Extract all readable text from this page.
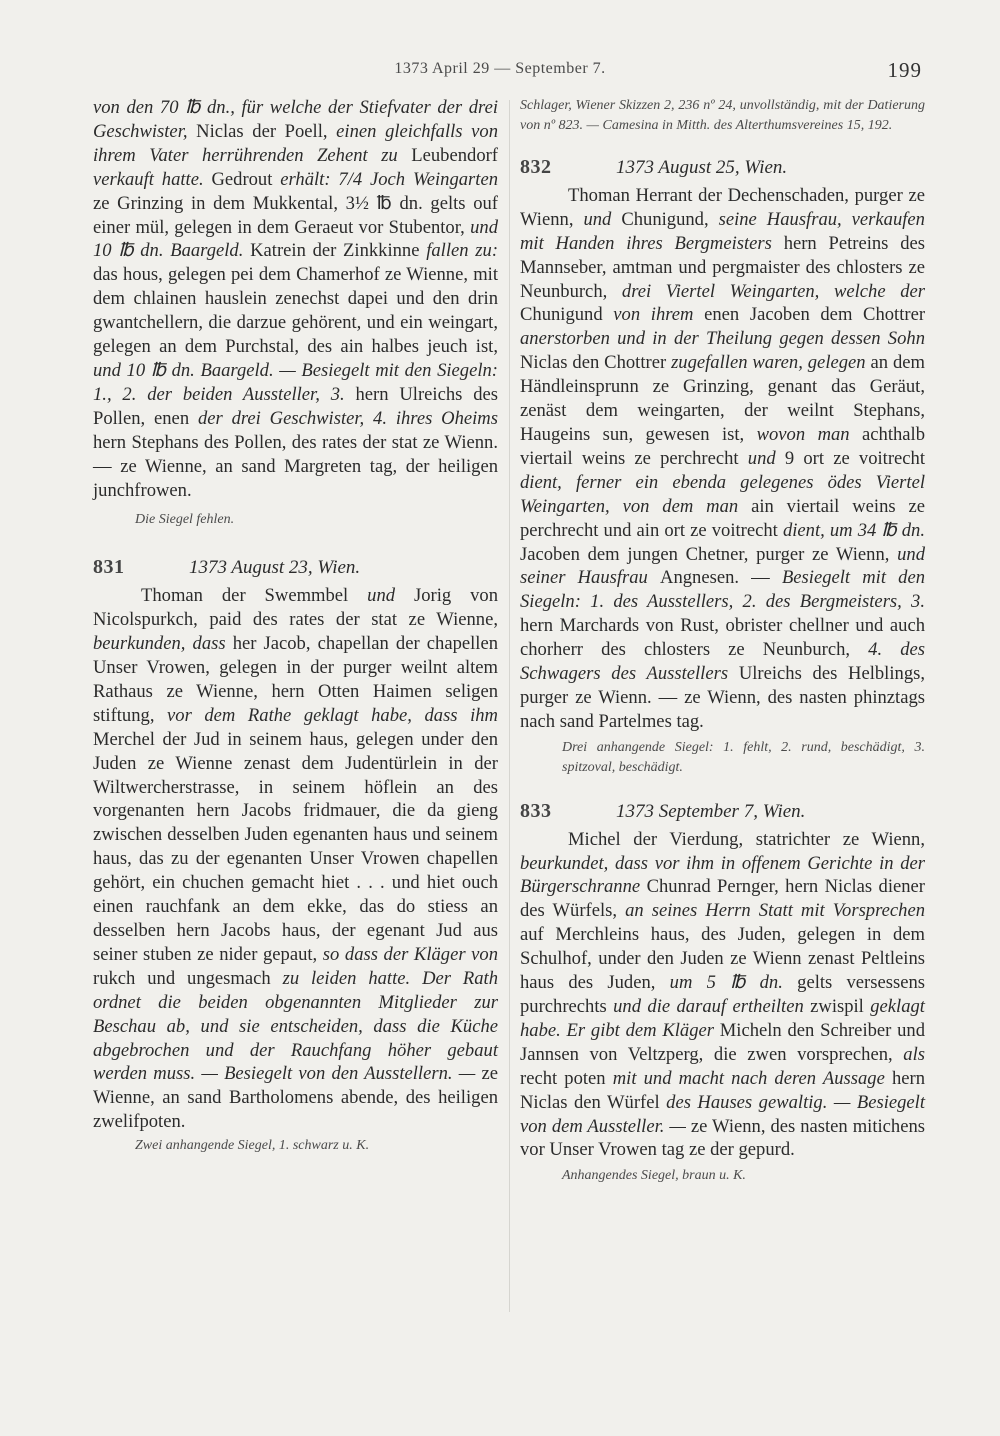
1373 April 29 — September 7.	199

von den 70 ℔ dn., für welche der Stiefvater der drei Geschwister, Niclas der Poell, einen gleichfalls von ihrem Vater herrührenden Zehent zu Leubendorf verkauft hatte. Gedrout erhält: 7/4 Joch Weingarten ze Grinzing in dem Mukkental, 3½ ℔ dn. gelts ouf einer mül, gelegen in dem Geraeut vor Stubentor, und 10 ℔ dn. Baargeld. Katrein der Zinkkinne fallen zu: das hous, gelegen pei dem Chamerhof ze Wienne, mit dem chlainen hauslein zenechst dapei und den drin gwantchellern, die darzue gehörent, und ein weingart, gelegen an dem Purchstal, des ain halbes jeuch ist, und 10 ℔ dn. Baargeld. — Besiegelt mit den Siegeln: 1., 2. der beiden Aussteller, 3. hern Ulreichs des Pollen, enen der drei Geschwister, 4. ihres Oheims hern Stephans des Pollen, des rates der stat ze Wienn. — ze Wienne, an sand Margreten tag, der heiligen junchfrowen.

Die Siegel fehlen.

831	1373 August 23, Wien.

Thoman der Swemmbel und Jorig von Nicolspurkch, paid des rates der stat ze Wienne, beurkunden, dass her Jacob, chapellan der chapellen Unser Vrowen, gelegen in der purger weilnt altem Rathaus ze Wienne, hern Otten Haimen seligen stiftung, vor dem Rathe geklagt habe, dass ihm Merchel der Jud in seinem haus, gelegen under den Juden ze Wienne zenast dem Judentürlein in der Wiltwercherstrasse, in seinem höflein an des vorgenanten hern Jacobs fridmauer, die da gieng zwischen desselben Juden egenanten haus und seinem haus, das zu der egenanten Unser Vrowen chapellen gehört, ein chuchen gemacht hiet . . . und hiet ouch einen rauchfank an dem ekke, das do stiess an desselben hern Jacobs haus, der egenant Jud aus seiner stuben ze nider gepaut, so dass der Kläger von rukch und ungesmach zu leiden hatte. Der Rath ordnet die beiden obgenannten Mitglieder zur Beschau ab, und sie entscheiden, dass die Küche abgebrochen und der Rauchfang höher gebaut werden muss. — Besiegelt von den Ausstellern. — ze Wienne, an sand Bartholomens abende, des heiligen zwelifpoten.

Zwei anhangende Siegel, 1. schwarz u. K.

Schlager, Wiener Skizzen 2, 236 nº 24, unvollständig, mit der Datierung von nº 823. — Camesina in Mitth. des Alterthumsvereines 15, 192.

832	1373 August 25, Wien.

Thoman Herrant der Dechenschaden, purger ze Wienn, und Chunigund, seine Hausfrau, verkaufen mit Handen ihres Bergmeisters hern Petreins des Mannseber, amtman und pergmaister des chlosters ze Neunburch, drei Viertel Weingarten, welche der Chunigund von ihrem enen Jacoben dem Chottrer anerstorben und in der Theilung gegen dessen Sohn Niclas den Chottrer zugefallen waren, gelegen an dem Händleinsprunn ze Grinzing, genant das Geräut, zenäst dem weingarten, der weilnt Stephans, Haugeins sun, gewesen ist, wovon man achthalb viertail weins ze perchrecht und 9 ort ze voitrecht dient, ferner ein ebenda gelegenes ödes Viertel Weingarten, von dem man ain viertail weins ze perchrecht und ain ort ze voitrecht dient, um 34 ℔ dn. Jacoben dem jungen Chetner, purger ze Wienn, und seiner Hausfrau Angnesen. — Besiegelt mit den Siegeln: 1. des Ausstellers, 2. des Bergmeisters, 3. hern Marchards von Rust, obrister chellner und auch chorherr des chlosters ze Neunburch, 4. des Schwagers des Ausstellers Ulreichs des Helblings, purger ze Wienn. — ze Wienn, des nasten phinztags nach sand Partelmes tag.

Drei anhangende Siegel: 1. fehlt, 2. rund, beschädigt, 3. spitzoval, beschädigt.

833	1373 September 7, Wien.

Michel der Vierdung, statrichter ze Wienn, beurkundet, dass vor ihm in offenem Gerichte in der Bürgerschranne Chunrad Pernger, hern Niclas diener des Würfels, an seines Herrn Statt mit Vorsprechen auf Merchleins haus, des Juden, gelegen in dem Schulhof, under den Juden ze Wienn zenast Peltleins haus des Juden, um 5 ℔ dn. gelts versessens purchrechts und die darauf ertheilten zwispil geklagt habe. Er gibt dem Kläger Micheln den Schreiber und Jannsen von Veltzperg, die zwen vorsprechen, als recht poten mit und macht nach deren Aussage hern Niclas den Würfel des Hauses gewaltig. — Besiegelt von dem Aussteller. — ze Wienn, des nasten mitichens vor Unser Vrowen tag ze der gepurd.

Anhangendes Siegel, braun u. K.
